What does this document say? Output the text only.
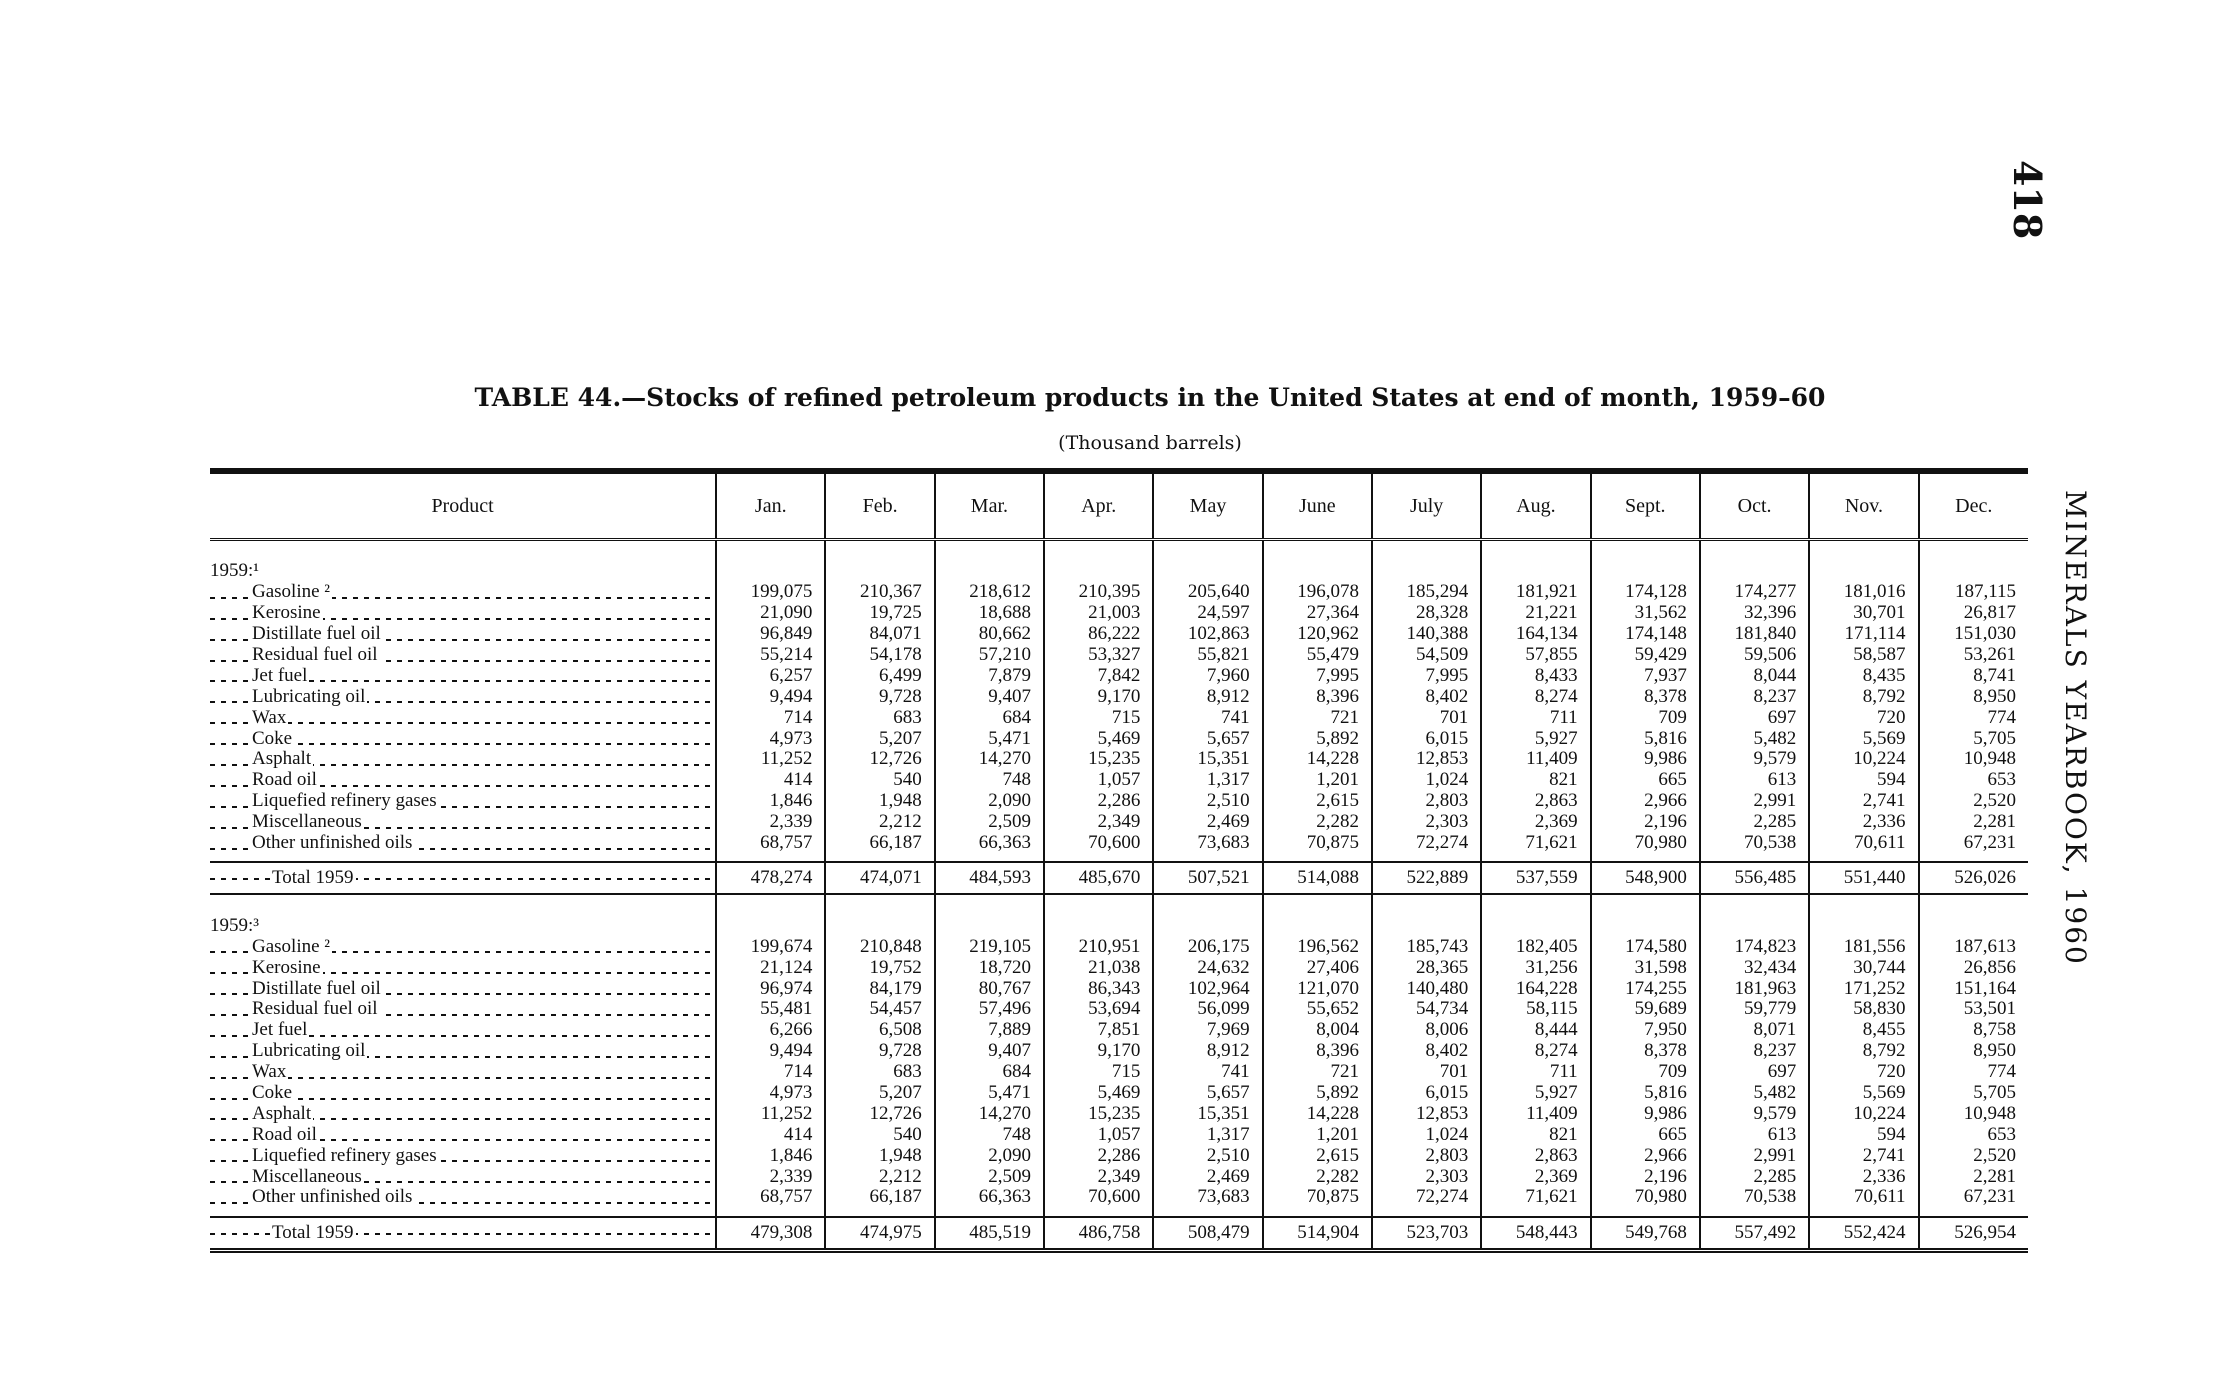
418
MINERALS YEARBOOK, 1960
TABLE 44.—Stocks of refined petroleum products in the United States at end of month, 1959–60
(Thousand barrels)
Product	Jan.	Feb.	Mar.	Apr.	May	June	July	Aug.	Sept.	Oct.	Nov.	Dec.

1959:¹												
Gasoline ²	199,075	210,367	218,612	210,395	205,640	196,078	185,294	181,921	174,128	174,277	181,016	187,115
Kerosine	21,090	19,725	18,688	21,003	24,597	27,364	28,328	21,221	31,562	32,396	30,701	26,817
Distillate fuel oil	96,849	84,071	80,662	86,222	102,863	120,962	140,388	164,134	174,148	181,840	171,114	151,030
Residual fuel oil	55,214	54,178	57,210	53,327	55,821	55,479	54,509	57,855	59,429	59,506	58,587	53,261
Jet fuel	6,257	6,499	7,879	7,842	7,960	7,995	7,995	8,433	7,937	8,044	8,435	8,741
Lubricating oil	9,494	9,728	9,407	9,170	8,912	8,396	8,402	8,274	8,378	8,237	8,792	8,950
Wax	714	683	684	715	741	721	701	711	709	697	720	774
Coke	4,973	5,207	5,471	5,469	5,657	5,892	6,015	5,927	5,816	5,482	5,569	5,705
Asphalt	11,252	12,726	14,270	15,235	15,351	14,228	12,853	11,409	9,986	9,579	10,224	10,948
Road oil	414	540	748	1,057	1,317	1,201	1,024	821	665	613	594	653
Liquefied refinery gases	1,846	1,948	2,090	2,286	2,510	2,615	2,803	2,863	2,966	2,991	2,741	2,520
Miscellaneous	2,339	2,212	2,509	2,349	2,469	2,282	2,303	2,369	2,196	2,285	2,336	2,281
Other unfinished oils	68,757	66,187	66,363	70,600	73,683	70,875	72,274	71,621	70,980	70,538	70,611	67,231

Total 1959	478,274	474,071	484,593	485,670	507,521	514,088	522,889	537,559	548,900	556,485	551,440	526,026

1959:³												
Gasoline ²	199,674	210,848	219,105	210,951	206,175	196,562	185,743	182,405	174,580	174,823	181,556	187,613
Kerosine	21,124	19,752	18,720	21,038	24,632	27,406	28,365	31,256	31,598	32,434	30,744	26,856
Distillate fuel oil	96,974	84,179	80,767	86,343	102,964	121,070	140,480	164,228	174,255	181,963	171,252	151,164
Residual fuel oil	55,481	54,457	57,496	53,694	56,099	55,652	54,734	58,115	59,689	59,779	58,830	53,501
Jet fuel	6,266	6,508	7,889	7,851	7,969	8,004	8,006	8,444	7,950	8,071	8,455	8,758
Lubricating oil	9,494	9,728	9,407	9,170	8,912	8,396	8,402	8,274	8,378	8,237	8,792	8,950
Wax	714	683	684	715	741	721	701	711	709	697	720	774
Coke	4,973	5,207	5,471	5,469	5,657	5,892	6,015	5,927	5,816	5,482	5,569	5,705
Asphalt	11,252	12,726	14,270	15,235	15,351	14,228	12,853	11,409	9,986	9,579	10,224	10,948
Road oil	414	540	748	1,057	1,317	1,201	1,024	821	665	613	594	653
Liquefied refinery gases	1,846	1,948	2,090	2,286	2,510	2,615	2,803	2,863	2,966	2,991	2,741	2,520
Miscellaneous	2,339	2,212	2,509	2,349	2,469	2,282	2,303	2,369	2,196	2,285	2,336	2,281
Other unfinished oils	68,757	66,187	66,363	70,600	73,683	70,875	72,274	71,621	70,980	70,538	70,611	67,231

Total 1959	479,308	474,975	485,519	486,758	508,479	514,904	523,703	548,443	549,768	557,492	552,424	526,954
